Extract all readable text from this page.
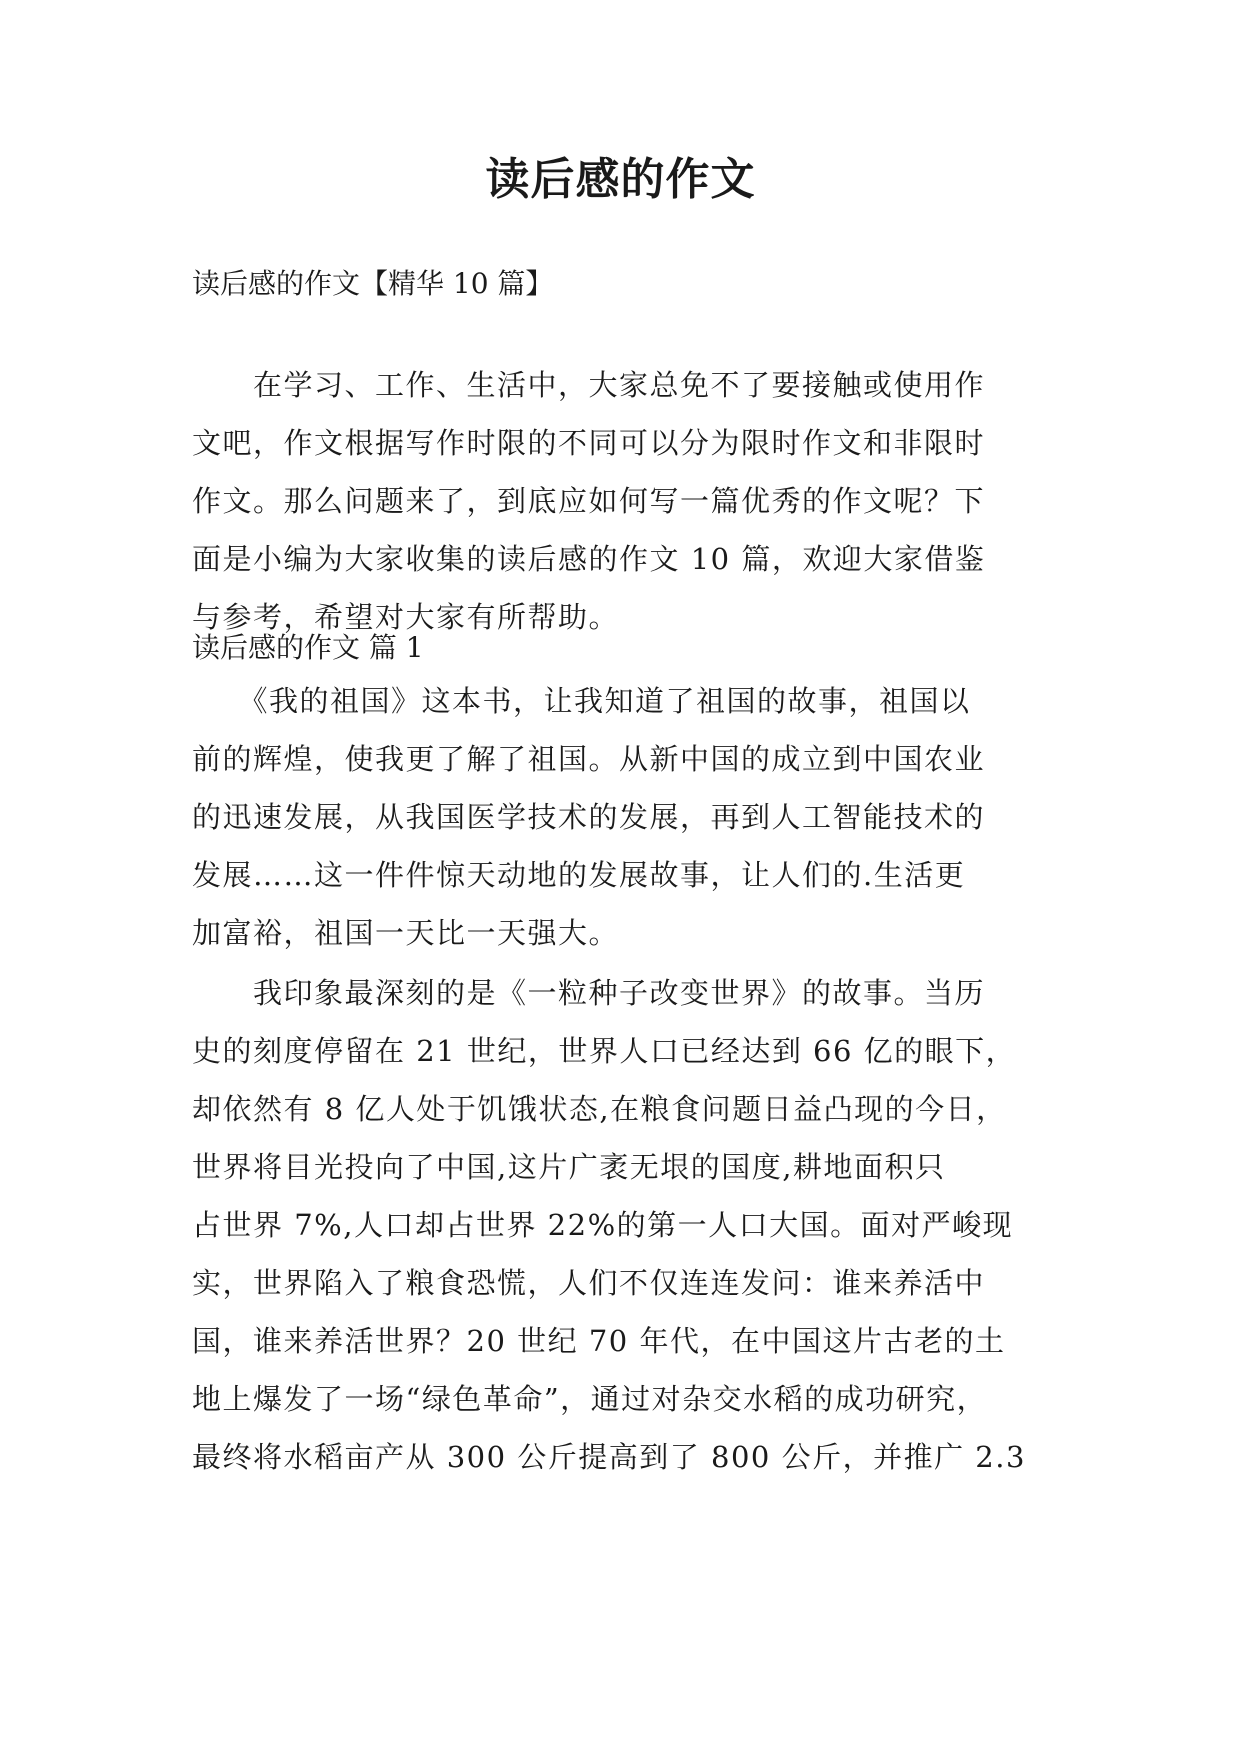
读后感的作文
读后感的作文【精华 10 篇】
　　在学习、工作、生活中，大家总免不了要接触或使用作
文吧，作文根据写作时限的不同可以分为限时作文和非限时
作文。那么问题来了，到底应如何写一篇优秀的作文呢？下
面是小编为大家收集的读后感的作文 10 篇，欢迎大家借鉴
与参考，希望对大家有所帮助。
读后感的作文 篇 1
　　《我的祖国》这本书，让我知道了祖国的故事，祖国以
前的辉煌，使我更了解了祖国。从新中国的成立到中国农业
的迅速发展，从我国医学技术的发展，再到人工智能技术的
发展……这一件件惊天动地的发展故事，让人们的.生活更
加富裕，祖国一天比一天强大。
　　我印象最深刻的是《一粒种子改变世界》的故事。当历
史的刻度停留在 21 世纪，世界人口已经达到 66 亿的眼下，
却依然有 8 亿人处于饥饿状态,在粮食问题日益凸现的今日，
世界将目光投向了中国,这片广袤无垠的国度,耕地面积只
占世界 7%,人口却占世界 22%的第一人口大国。面对严峻现
实，世界陷入了粮食恐慌，人们不仅连连发问：谁来养活中
国，谁来养活世界？20 世纪 70 年代，在中国这片古老的土
地上爆发了一场“绿色革命”，通过对杂交水稻的成功研究，
最终将水稻亩产从 300 公斤提高到了 800 公斤，并推广 2.3
